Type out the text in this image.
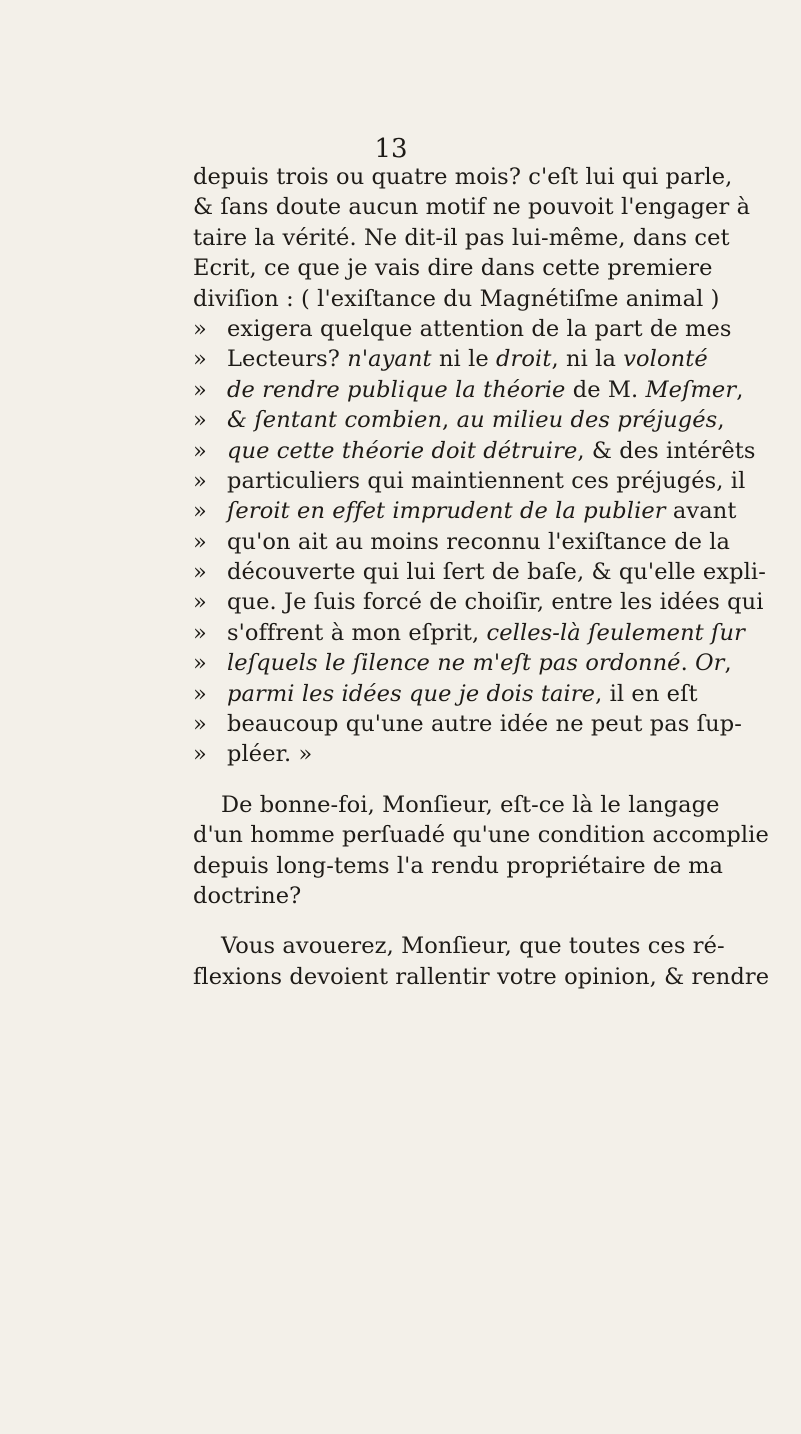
13
depuis trois ou quatre mois? c'eſt lui qui parle,
& ſans doute aucun motif ne pouvoit l'engager à
taire la vérité. Ne dit-il pas lui-même, dans cet
Ecrit, ce que je vais dire dans cette premiere
diviſion : ( l'exiſtance du Magnétiſme animal )
» exigera quelque attention de la part de mes
» Lecteurs? n'ayant ni le droit, ni la volonté
» de rendre publique la théorie de M. Meſmer,
» & ſentant combien, au milieu des préjugés,
» que cette théorie doit détruire, & des intérêts
» particuliers qui maintiennent ces préjugés, il
» ſeroit en effet imprudent de la publier avant
» qu'on ait au moins reconnu l'exiſtance de la
» découverte qui lui ſert de baſe, & qu'elle expli-
» que. Je ſuis forcé de choiſir, entre les idées qui
» s'offrent à mon eſprit, celles-là ſeulement ſur
» leſquels le ſilence ne m'eſt pas ordonné. Or,
» parmi les idées que je dois taire, il en eſt
» beaucoup qu'une autre idée ne peut pas ſup-
» pléer. »
De bonne-foi, Monſieur, eſt-ce là le langage
d'un homme perſuadé qu'une condition accomplie
depuis long-tems l'a rendu propriétaire de ma
doctrine?
Vous avouerez, Monſieur, que toutes ces ré-
flexions devoient rallentir votre opinion, & rendre
